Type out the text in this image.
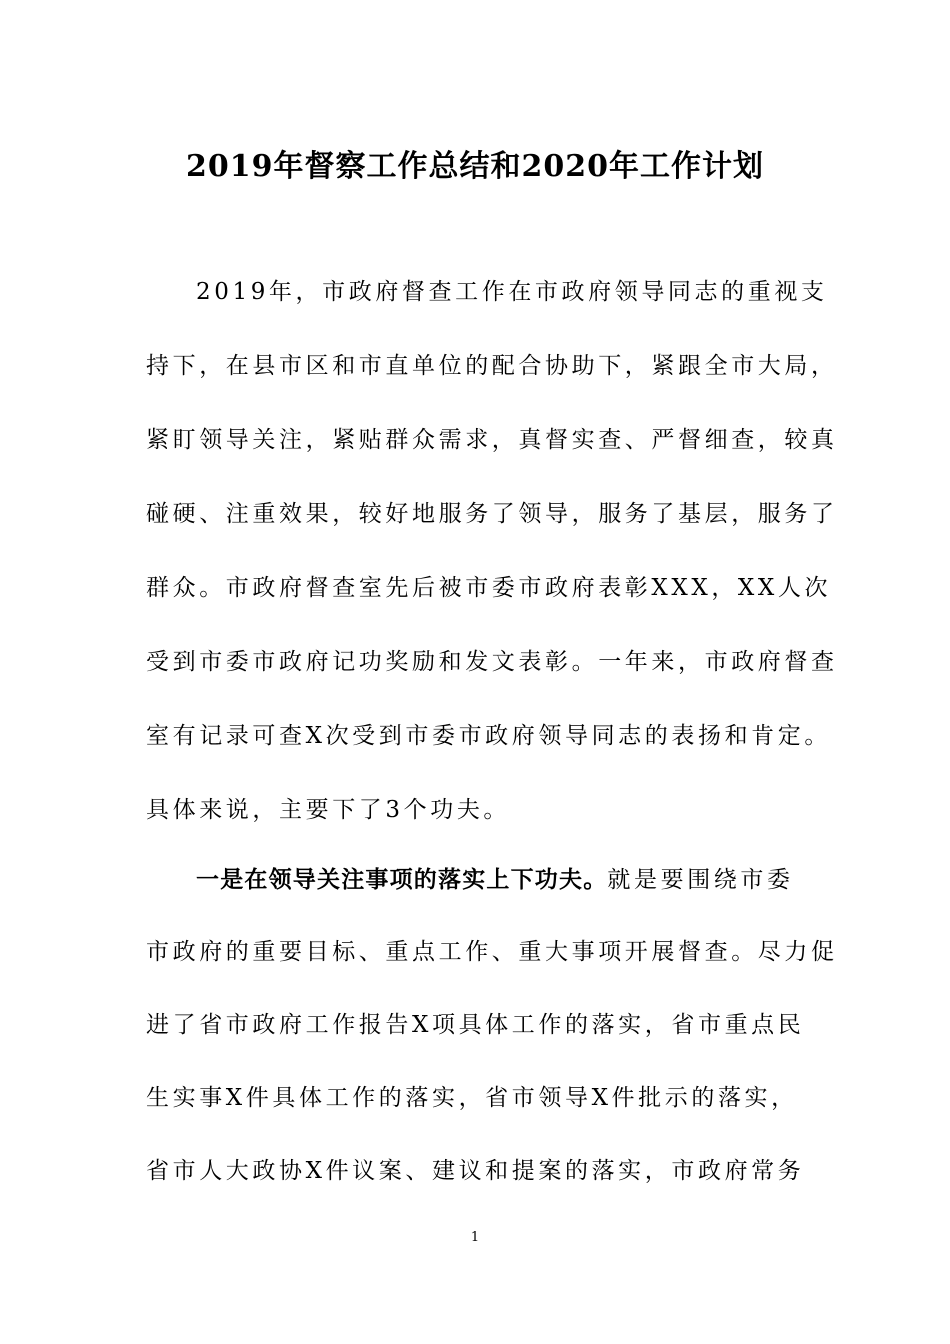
2019年督察工作总结和2020年工作计划
2019年，市政府督查工作在市政府领导同志的重视支
持下，在县市区和市直单位的配合协助下，紧跟全市大局，
紧盯领导关注，紧贴群众需求，真督实查、严督细查，较真
碰硬、注重效果，较好地服务了领导，服务了基层，服务了
群众。市政府督查室先后被市委市政府表彰XXX，XX人次
受到市委市政府记功奖励和发文表彰。一年来，市政府督查
室有记录可查X次受到市委市政府领导同志的表扬和肯定。
具体来说，主要下了3个功夫。
一是在领导关注事项的落实上下功夫。就是要围绕市委
市政府的重要目标、重点工作、重大事项开展督查。尽力促
进了省市政府工作报告X项具体工作的落实，省市重点民
生实事X件具体工作的落实，省市领导X件批示的落实，
省市人大政协X件议案、建议和提案的落实，市政府常务
1
